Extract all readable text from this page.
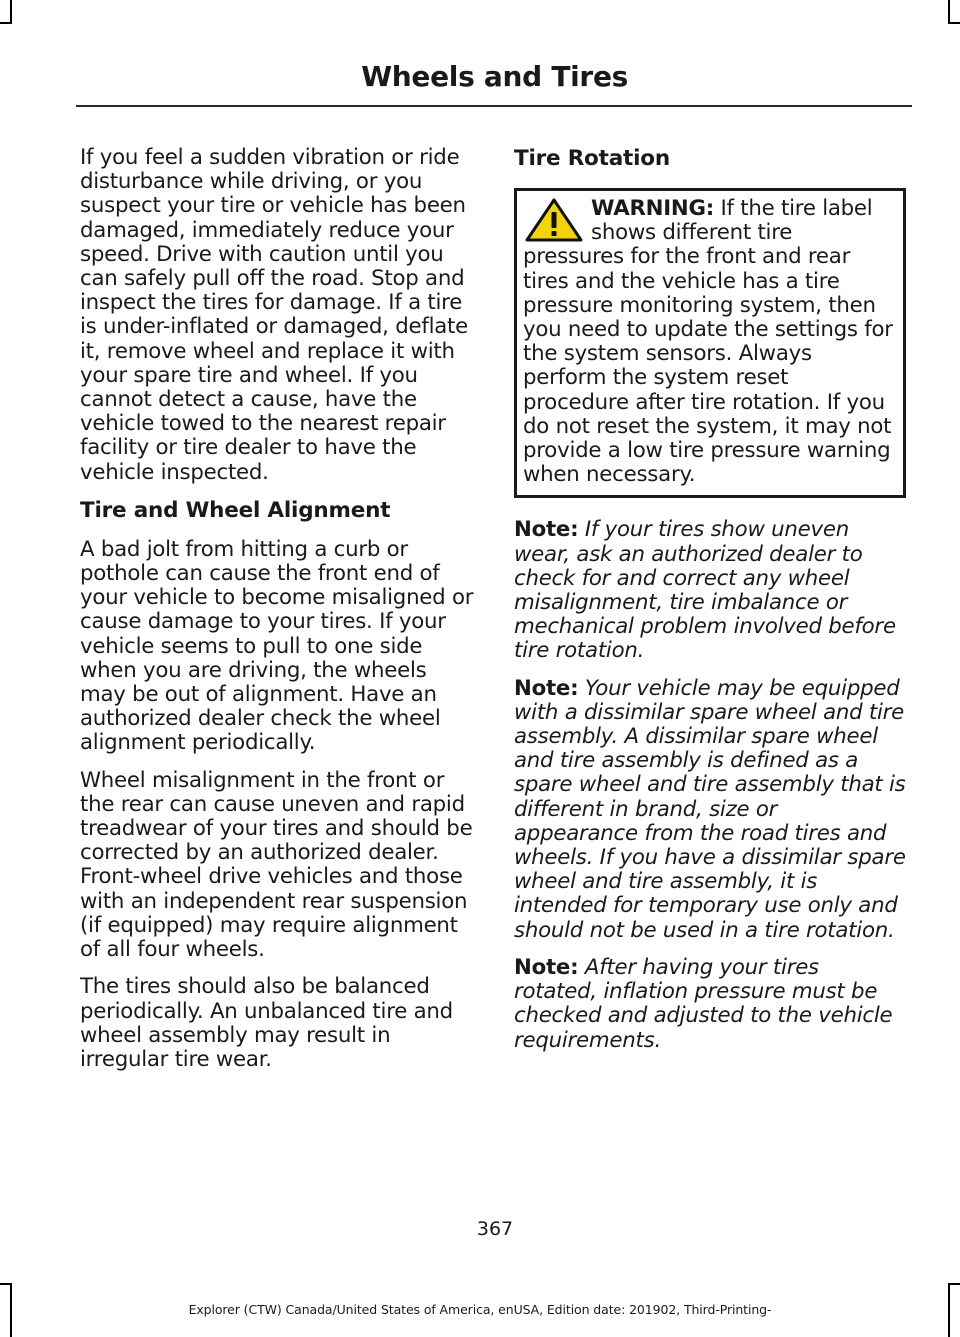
Wheels and Tires

If you feel a sudden vibration or ride disturbance while driving, or you suspect your tire or vehicle has been damaged, immediately reduce your speed. Drive with caution until you can safely pull off the road. Stop and inspect the tires for damage. If a tire is under-inflated or damaged, deflate it, remove wheel and replace it with your spare tire and wheel. If you cannot detect a cause, have the vehicle towed to the nearest repair facility or tire dealer to have the vehicle inspected.

Tire and Wheel Alignment

A bad jolt from hitting a curb or pothole can cause the front end of your vehicle to become misaligned or cause damage to your tires. If your vehicle seems to pull to one side when you are driving, the wheels may be out of alignment. Have an authorized dealer check the wheel alignment periodically.

Wheel misalignment in the front or the rear can cause uneven and rapid treadwear of your tires and should be corrected by an authorized dealer. Front-wheel drive vehicles and those with an independent rear suspension (if equipped) may require alignment of all four wheels.

The tires should also be balanced periodically. An unbalanced tire and wheel assembly may result in irregular tire wear.

Tire Rotation

WARNING: If the tire label shows different tire pressures for the front and rear tires and the vehicle has a tire pressure monitoring system, then you need to update the settings for the system sensors. Always perform the system reset procedure after tire rotation. If you do not reset the system, it may not provide a low tire pressure warning when necessary.

Note: If your tires show uneven wear, ask an authorized dealer to check for and correct any wheel misalignment, tire imbalance or mechanical problem involved before tire rotation.

Note: Your vehicle may be equipped with a dissimilar spare wheel and tire assembly. A dissimilar spare wheel and tire assembly is defined as a spare wheel and tire assembly that is different in brand, size or appearance from the road tires and wheels. If you have a dissimilar spare wheel and tire assembly, it is intended for temporary use only and should not be used in a tire rotation.

Note: After having your tires rotated, inflation pressure must be checked and adjusted to the vehicle requirements.

367
Explorer (CTW) Canada/United States of America, enUSA, Edition date: 201902, Third-Printing-
